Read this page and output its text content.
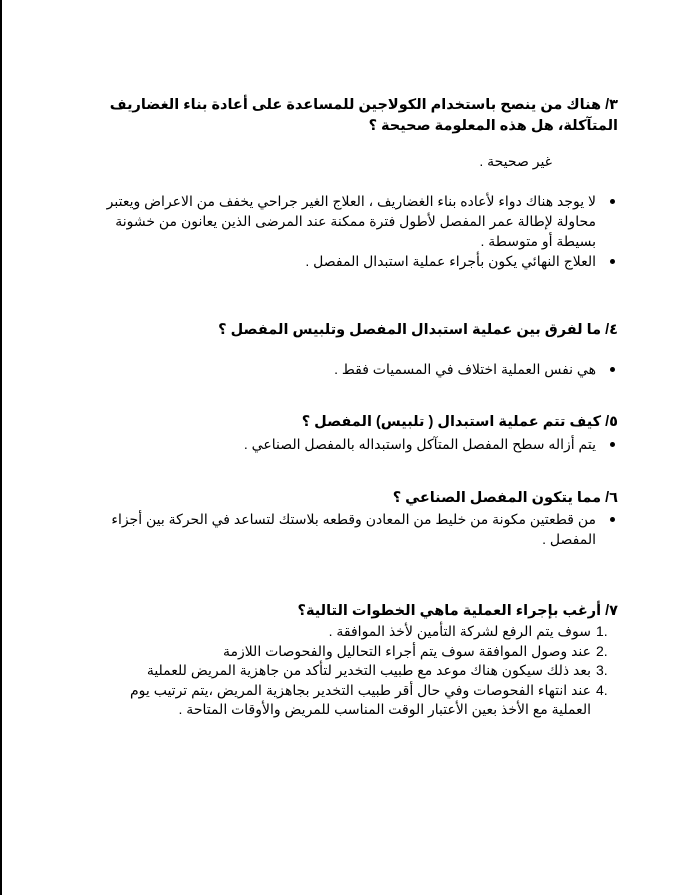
٣/ هناك من ينصح باستخدام الكولاجين للمساعدة على أعادة بناء الغضاريف المتآكلة، هل هذه المعلومة صحيحة ؟
غير صحيحة .
لا يوجد هناك دواء لأعاده بناء الغضاريف ، العلاج الغير جراحي يخفف من الاعراض ويعتبر محاولة لإطالة عمر المفصل لأطول فترة ممكنة عند المرضى الذين يعانون من خشونة بسيطة أو متوسطة .
العلاج النهائي يكون بأجراء عملية استبدال المفصل .
٤/ ما لفرق بين عملية استبدال المفصل وتلبيس المفصل ؟
هي نفس العملية اختلاف في المسميات فقط .
٥/ كيف تتم عملية استبدال ( تلبيس) المفصل ؟
يتم أزاله سطح المفصل المتآكل واستبداله بالمفصل الصناعي .
٦/ مما يتكون المفصل الصناعي ؟
من قطعتين مكونة من خليط من المعادن وقطعه بلاستك لتساعد في الحركة بين أجزاء المفصل .
٧/ أرغب بإجراء العملية ماهي الخطوات التالية؟
1.
سوف يتم الرفع لشركة التأمين لأخذ الموافقة .
2.
عند وصول الموافقة سوف يتم أجراء التحاليل والفحوصات اللازمة
3.
بعد ذلك سيكون هناك موعد مع طبيب التخدير لتأكد من جاهزية المريض للعملية
4.
عند انتهاء الفحوصات وفي حال أقر طبيب التخدير بجاهزية المريض ،يتم ترتيب يوم العملية مع الأخذ بعين الأعتبار الوقت المناسب للمريض والأوقات المتاحة .
